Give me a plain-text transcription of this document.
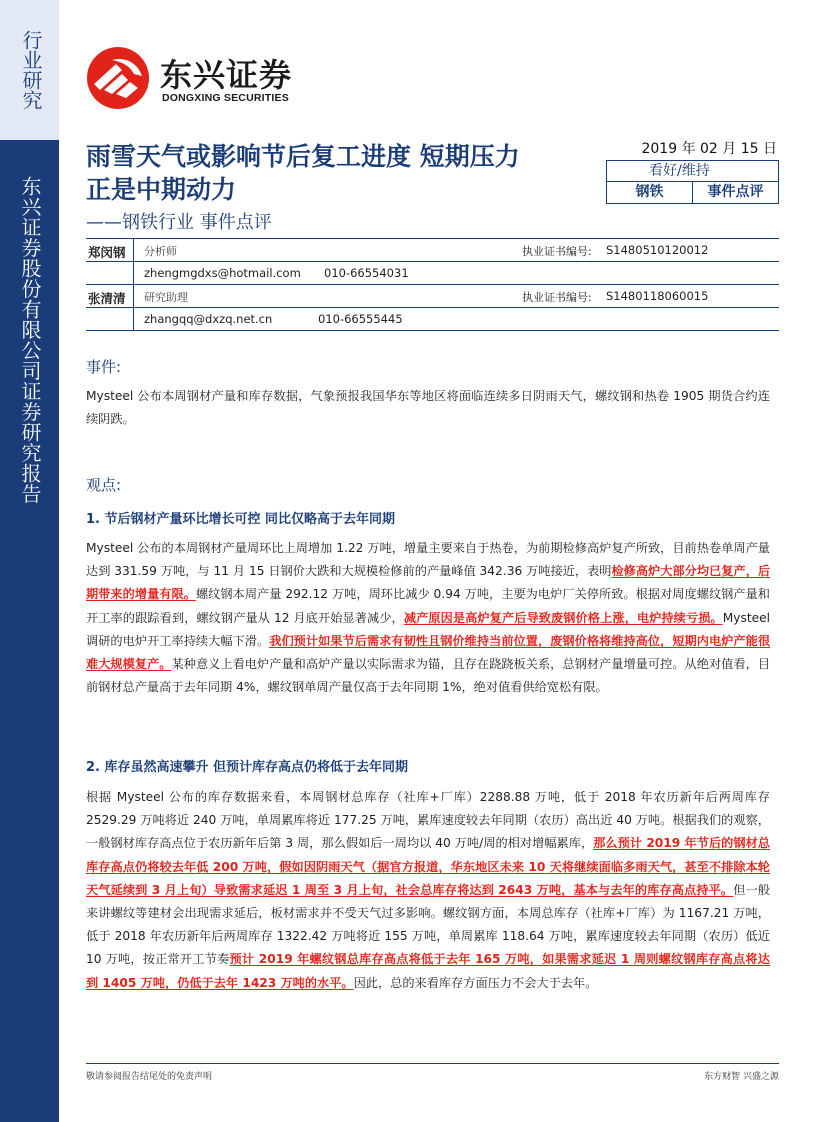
行业研究
东兴证券股份有限公司证券研究报告
东兴证券
DONGXING SECURITIES
雨雪天气或影响节后复工进度 短期压力正是中期动力
——钢铁行业 事件点评
2019 年 02 月 15 日
看好/维持
钢铁	事件点评
郑闵钢	分析师	执业证书编号: S1480510120012
zhengmgdxs@hotmail.com 010-66554031
张清清	研究助理	执业证书编号: S1480118060015
zhangqq@dxzq.net.cn	010-66555445
事件:
Mysteel 公布本周钢材产量和库存数据，气象预报我国华东等地区将面临连续多日阴雨天气，螺纹钢和热卷 1905 期货合约连续阴跌。
观点:
1. 节后钢材产量环比增长可控 同比仅略高于去年同期
Mysteel 公布的本周钢材产量周环比上周增加 1.22 万吨，增量主要来自于热卷，为前期检修高炉复产所致，目前热卷单周产量达到 331.59 万吨，与 11 月 15 日钢价大跌和大规模检修前的产量峰值 342.36 万吨接近，表明检修高炉大部分均已复产，后期带来的增量有限。螺纹钢本周产量 292.12 万吨，周环比减少 0.94 万吨，主要为电炉厂关停所致。根据对周度螺纹钢产量和开工率的跟踪看到，螺纹钢产量从 12 月底开始显著减少，减产原因是高炉复产后导致废钢价格上涨，电炉持续亏损。Mysteel 调研的电炉开工率持续大幅下滑。我们预计如果节后需求有韧性且钢价维持当前位置，废钢价格将维持高位，短期内电炉产能很难大规模复产。某种意义上看电炉产量和高炉产量以实际需求为锚，且存在跷跷板关系，总钢材产量增量可控。从绝对值看，目前钢材总产量高于去年同期 4%，螺纹钢单周产量仅高于去年同期 1%，绝对值看供给宽松有限。
2. 库存虽然高速攀升 但预计库存高点仍将低于去年同期
根据 Mysteel 公布的库存数据来看，本周钢材总库存（社库+厂库）2288.88 万吨，低于 2018 年农历新年后两周库存 2529.29 万吨将近 240 万吨，单周累库将近 177.25 万吨，累库速度较去年同期（农历）高出近 40 万吨。根据我们的观察，一般钢材库存高点位于农历新年后第 3 周，那么假如后一周均以 40 万吨/周的相对增幅累库，那么预计 2019 年节后的钢材总库存高点仍将较去年低 200 万吨，假如因阴雨天气（据官方报道，华东地区未来 10 天将继续面临多雨天气，甚至不排除本轮天气延续到 3 月上旬）导致需求延迟 1 周至 3 月上旬，社会总库存将达到 2643 万吨，基本与去年的库存高点持平。但一般来讲螺纹等建材会出现需求延后，板材需求并不受天气过多影响。螺纹钢方面，本周总库存（社库+厂库）为 1167.21 万吨，低于 2018 年农历新年后两周库存 1322.42 万吨将近 155 万吨，单周累库 118.64 万吨，累库速度较去年同期（农历）低近 10 万吨，按正常开工节奏预计 2019 年螺纹钢总库存高点将低于去年 165 万吨，如果需求延迟 1 周则螺纹钢库存高点将达到 1405 万吨，仍低于去年 1423 万吨的水平。因此，总的来看库存方面压力不会大于去年。
敬请参阅报告结尾处的免责声明	东方财智 兴盛之源
